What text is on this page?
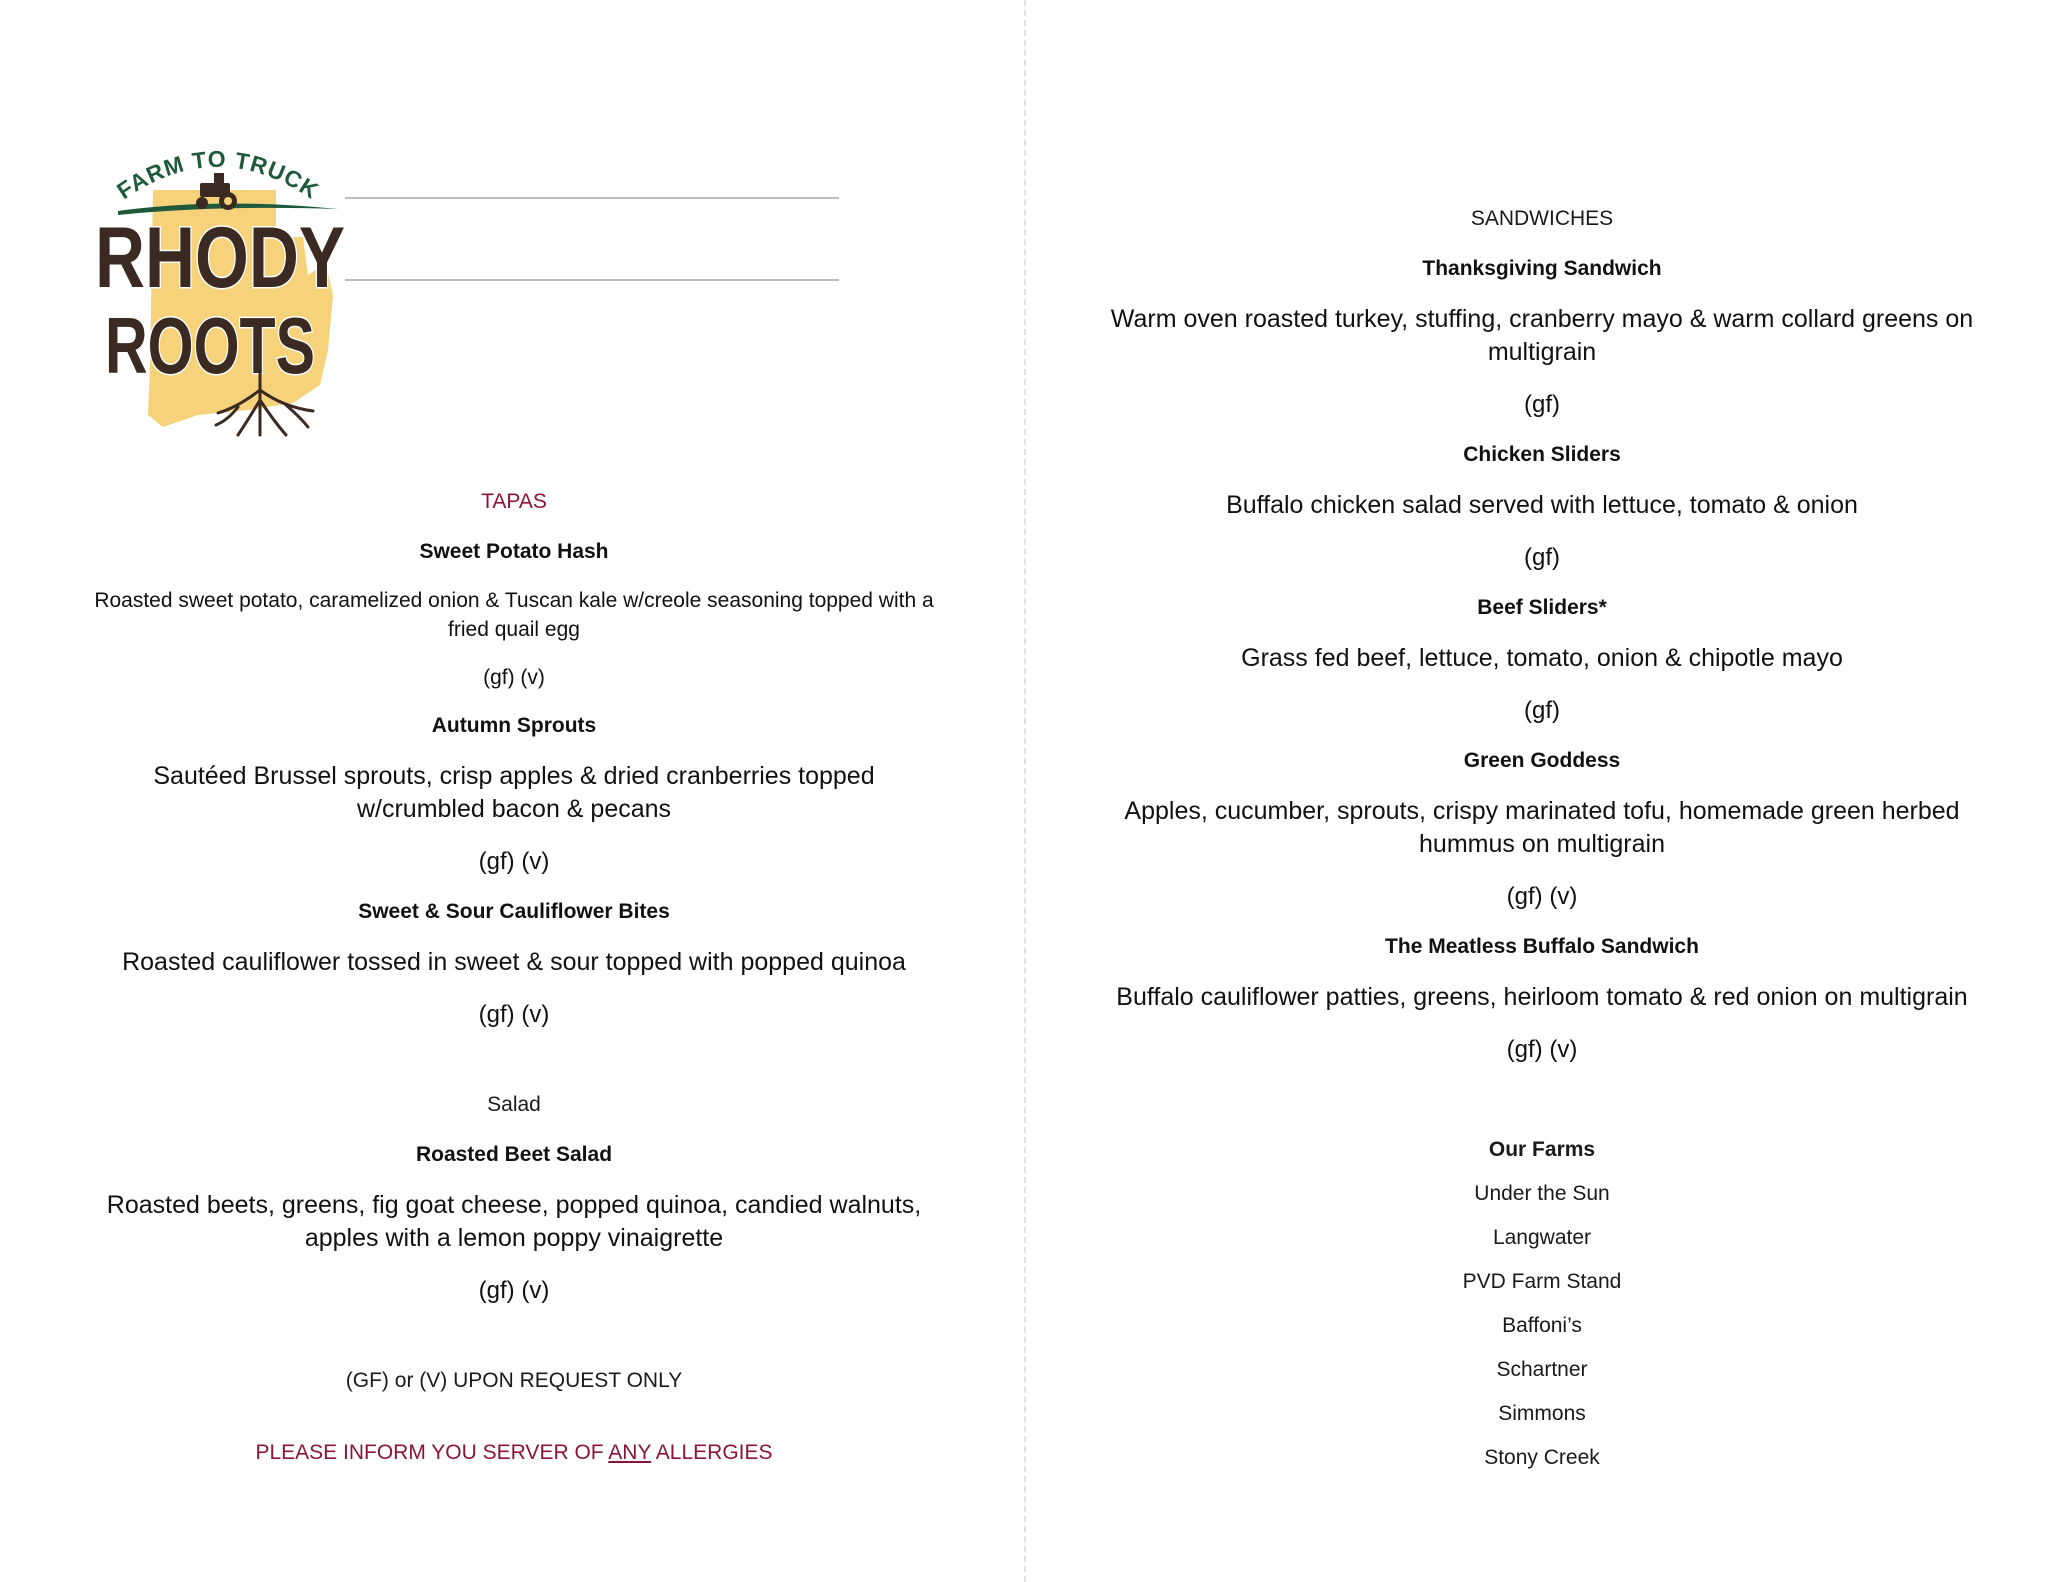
FARM TO TRUCK
RHODY
ROOTS

TAPAS

Sweet Potato Hash

Roasted sweet potato, caramelized onion & Tuscan kale w/creole seasoning topped with a fried quail egg

(gf) (v)

Autumn Sprouts

Sautéed Brussel sprouts, crisp apples & dried cranberries topped w/crumbled bacon & pecans

(gf) (v)

Sweet & Sour Cauliflower Bites

Roasted cauliflower tossed in sweet & sour topped with popped quinoa

(gf) (v)

Salad

Roasted Beet Salad

Roasted beets, greens, fig goat cheese, popped quinoa, candied walnuts, apples with a lemon poppy vinaigrette

(gf) (v)

(GF) or (V) UPON REQUEST ONLY

PLEASE INFORM YOU SERVER OF ANY ALLERGIES

SANDWICHES

Thanksgiving Sandwich

Warm oven roasted turkey, stuffing, cranberry mayo & warm collard greens on multigrain

(gf)

Chicken Sliders

Buffalo chicken salad served with lettuce, tomato & onion

(gf)

Beef Sliders*

Grass fed beef, lettuce, tomato, onion & chipotle mayo

(gf)

Green Goddess

Apples, cucumber, sprouts, crispy marinated tofu, homemade green herbed hummus on multigrain

(gf) (v)

The Meatless Buffalo Sandwich

Buffalo cauliflower patties, greens, heirloom tomato & red onion on multigrain

(gf) (v)

Our Farms

Under the Sun

Langwater

PVD Farm Stand

Baffoni’s

Schartner

Simmons

Stony Creek
